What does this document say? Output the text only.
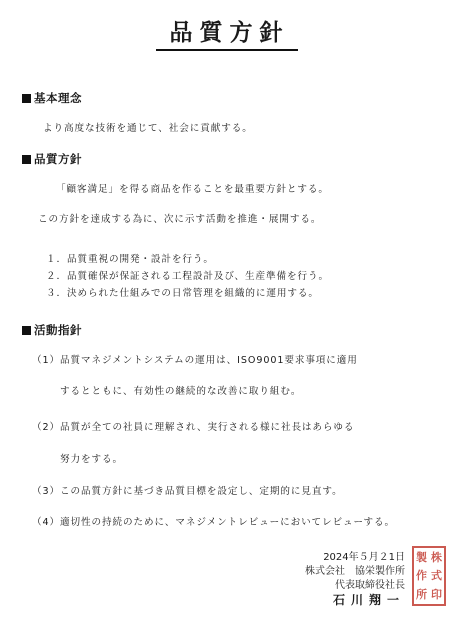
品質方針
基本理念
より高度な技術を通じて、社会に貢献する。
品質方針
「顧客満足」を得る商品を作ることを最重要方針とする。
この方針を達成する為に、次に示す活動を推進・展開する。
１．品質重視の開発・設計を行う。
２．品質確保が保証される工程設計及び、生産準備を行う。
３．決められた仕組みでの日常管理を組織的に運用する。
活動指針
（1）品質マネジメントシステムの運用は、ISO9001要求事項に適用
するとともに、有効性の継続的な改善に取り組む。
（2）品質が全ての社員に理解され、実行される様に社長はあらゆる
努力をする。
（3）この品質方針に基づき品質目標を設定し、定期的に見直す。
（4）適切性の持続のために、マネジメントレビューにおいてレビューする。
2024年５月２1日
株式会社　協栄製作所
代表取締役社長
石川翔一
製 株
作 式
所 印
